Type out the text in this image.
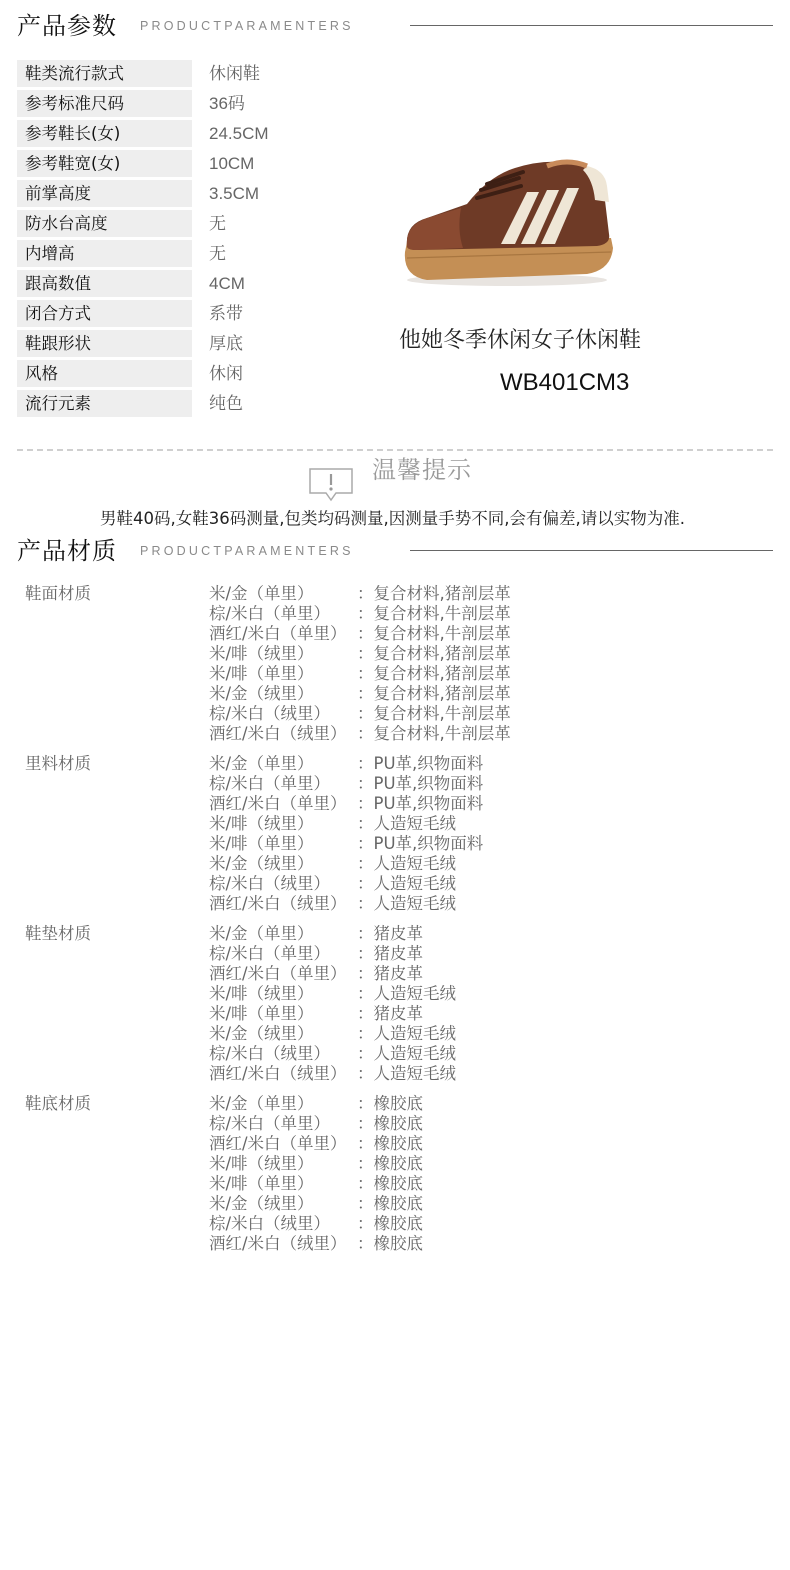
产品参数 PRODUCTPARAMENTERS
鞋类流行款式	休闲鞋
参考标准尺码	36码
参考鞋长(女)	24.5CM
参考鞋宽(女)	10CM
前掌高度	3.5CM
防水台高度	无
内增高	无
跟高数值	4CM
闭合方式	系带
鞋跟形状	厚底
风格	休闲
流行元素	纯色
他她冬季休闲女子休闲鞋
WB401CM3
温馨提示
男鞋40码,女鞋36码测量,包类均码测量,因测量手势不同,会有偏差,请以实物为准.
产品材质 PRODUCTPARAMENTERS
鞋面材质	米/金（单里）	：复合材料,猪剖层革
棕/米白（单里） ：复合材料,牛剖层革
酒红/米白（单里） ：复合材料,牛剖层革
米/啡（绒里）	：复合材料,猪剖层革
米/啡（单里）	：复合材料,猪剖层革
米/金（绒里）	：复合材料,猪剖层革
棕/米白（绒里） ：复合材料,牛剖层革
酒红/米白（绒里） ：复合材料,牛剖层革
里料材质	米/金（单里）	：PU革,织物面料
棕/米白（单里） ：PU革,织物面料
酒红/米白（单里） ：PU革,织物面料
米/啡（绒里）	：人造短毛绒
米/啡（单里）	：PU革,织物面料
米/金（绒里）	：人造短毛绒
棕/米白（绒里） ：人造短毛绒
酒红/米白（绒里） ：人造短毛绒
鞋垫材质	米/金（单里）	：猪皮革
棕/米白（单里） ：猪皮革
酒红/米白（单里） ：猪皮革
米/啡（绒里）	：人造短毛绒
米/啡（单里）	：猪皮革
米/金（绒里）	：人造短毛绒
棕/米白（绒里） ：人造短毛绒
酒红/米白（绒里） ：人造短毛绒
鞋底材质	米/金（单里）	：橡胶底
棕/米白（单里） ：橡胶底
酒红/米白（单里） ：橡胶底
米/啡（绒里）	：橡胶底
米/啡（单里）	：橡胶底
米/金（绒里）	：橡胶底
棕/米白（绒里） ：橡胶底
酒红/米白（绒里） ：橡胶底
